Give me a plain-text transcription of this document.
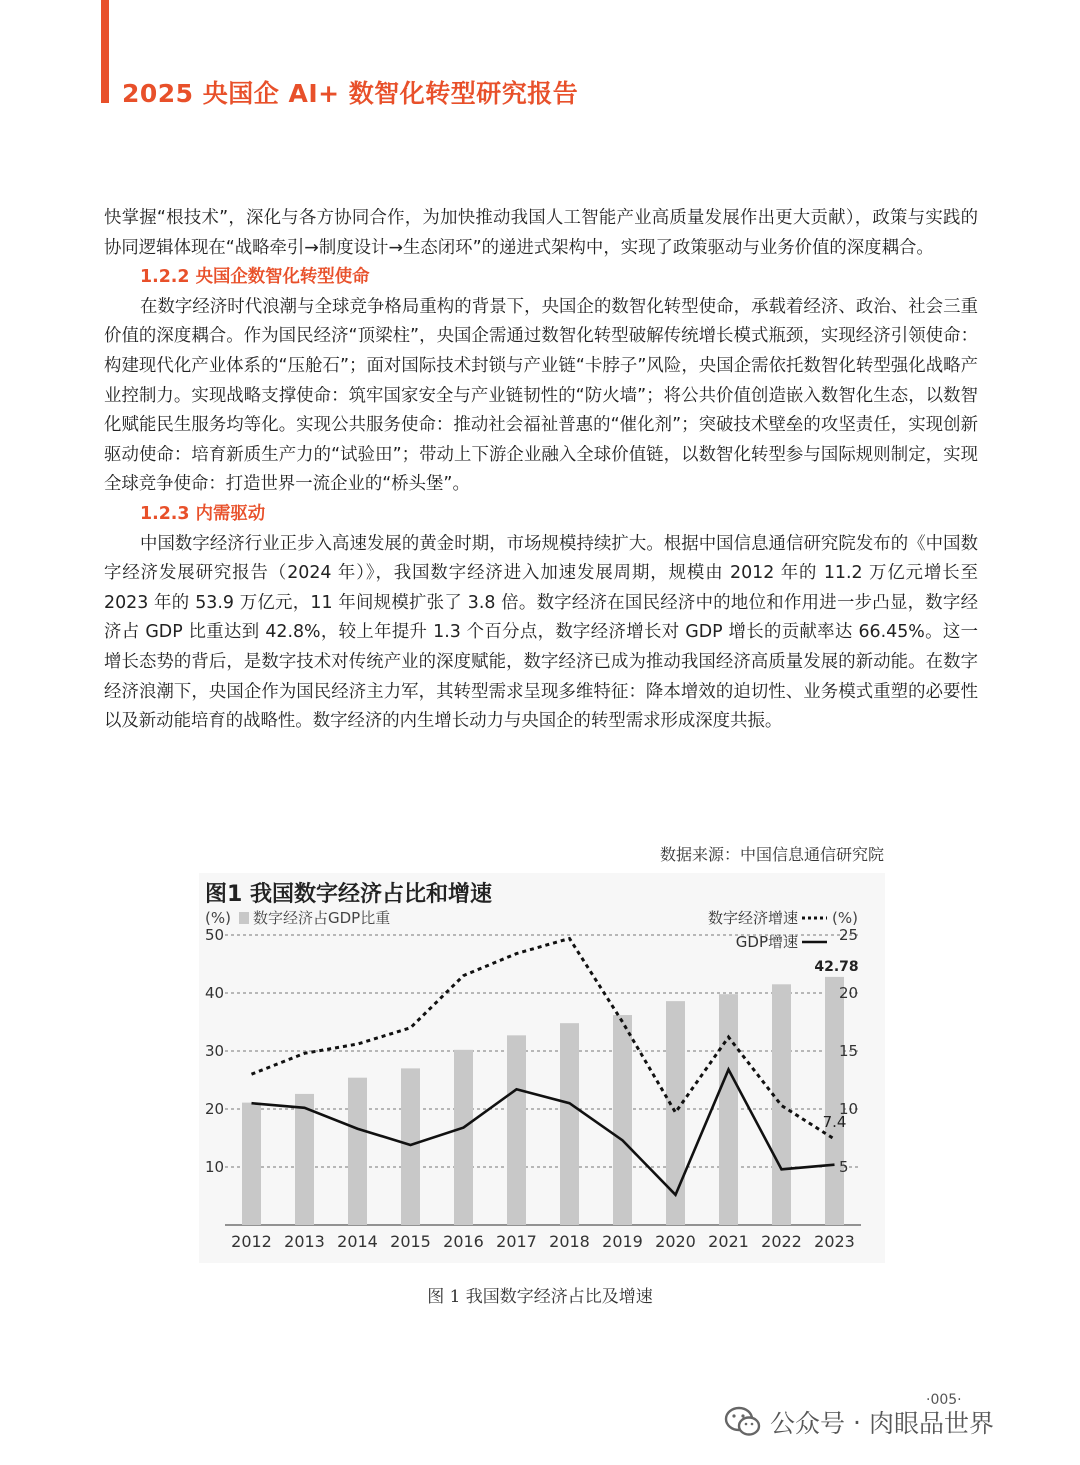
2025 央国企 AI+ 数智化转型研究报告

快掌握“根技术”，深化与各方协同合作，为加快推动我国人工智能产业高质量发展作出更大贡献），政策与实践的协同逻辑体现在“战略牵引→制度设计→生态闭环”的递进式架构中，实现了政策驱动与业务价值的深度耦合。

1.2.2 央国企数智化转型使命

在数字经济时代浪潮与全球竞争格局重构的背景下，央国企的数智化转型使命，承载着经济、政治、社会三重价值的深度耦合。作为国民经济“顶梁柱”，央国企需通过数智化转型破解传统增长模式瓶颈，实现经济引领使命：构建现代化产业体系的“压舱石”；面对国际技术封锁与产业链“卡脖子”风险，央国企需依托数智化转型强化战略产业控制力。实现战略支撑使命：筑牢国家安全与产业链韧性的“防火墙”；将公共价值创造嵌入数智化生态，以数智化赋能民生服务均等化。实现公共服务使命：推动社会福祉普惠的“催化剂”；突破技术壁垒的攻坚责任，实现创新驱动使命：培育新质生产力的“试验田”；带动上下游企业融入全球价值链，以数智化转型参与国际规则制定，实现全球竞争使命：打造世界一流企业的“桥头堡”。

1.2.3 内需驱动

中国数字经济行业正步入高速发展的黄金时期，市场规模持续扩大。根据中国信息通信研究院发布的《中国数字经济发展研究报告（2024 年）》，我国数字经济进入加速发展周期，规模由 2012 年的 11.2 万亿元增长至 2023 年的 53.9 万亿元，11 年间规模扩张了 3.8 倍。数字经济在国民经济中的地位和作用进一步凸显，数字经济占 GDP 比重达到 42.8%，较上年提升 1.3 个百分点，数字经济增长对 GDP 增长的贡献率达 66.45%。这一增长态势的背后，是数字技术对传统产业的深度赋能，数字经济已成为推动我国经济高质量发展的新动能。在数字经济浪潮下，央国企作为国民经济主力军，其转型需求呈现多维特征：降本增效的迫切性、业务模式重塑的必要性以及新动能培育的战略性。数字经济的内生增长动力与央国企的转型需求形成深度共振。

数据来源：中国信息通信研究院
图1 我国数字经济占比和增速
(%) 数字经济占GDP比重	数字经济增速 (%)
GDP增速
10
20
30
40
50
5
10
15
20
25
2012 2013 2014 2015 2016 2017 2018 2019 2020 2021 2022 2023
42.78
7.4
图 1 我国数字经济占比及增速
·005·
公众号 · 肉眼品世界
